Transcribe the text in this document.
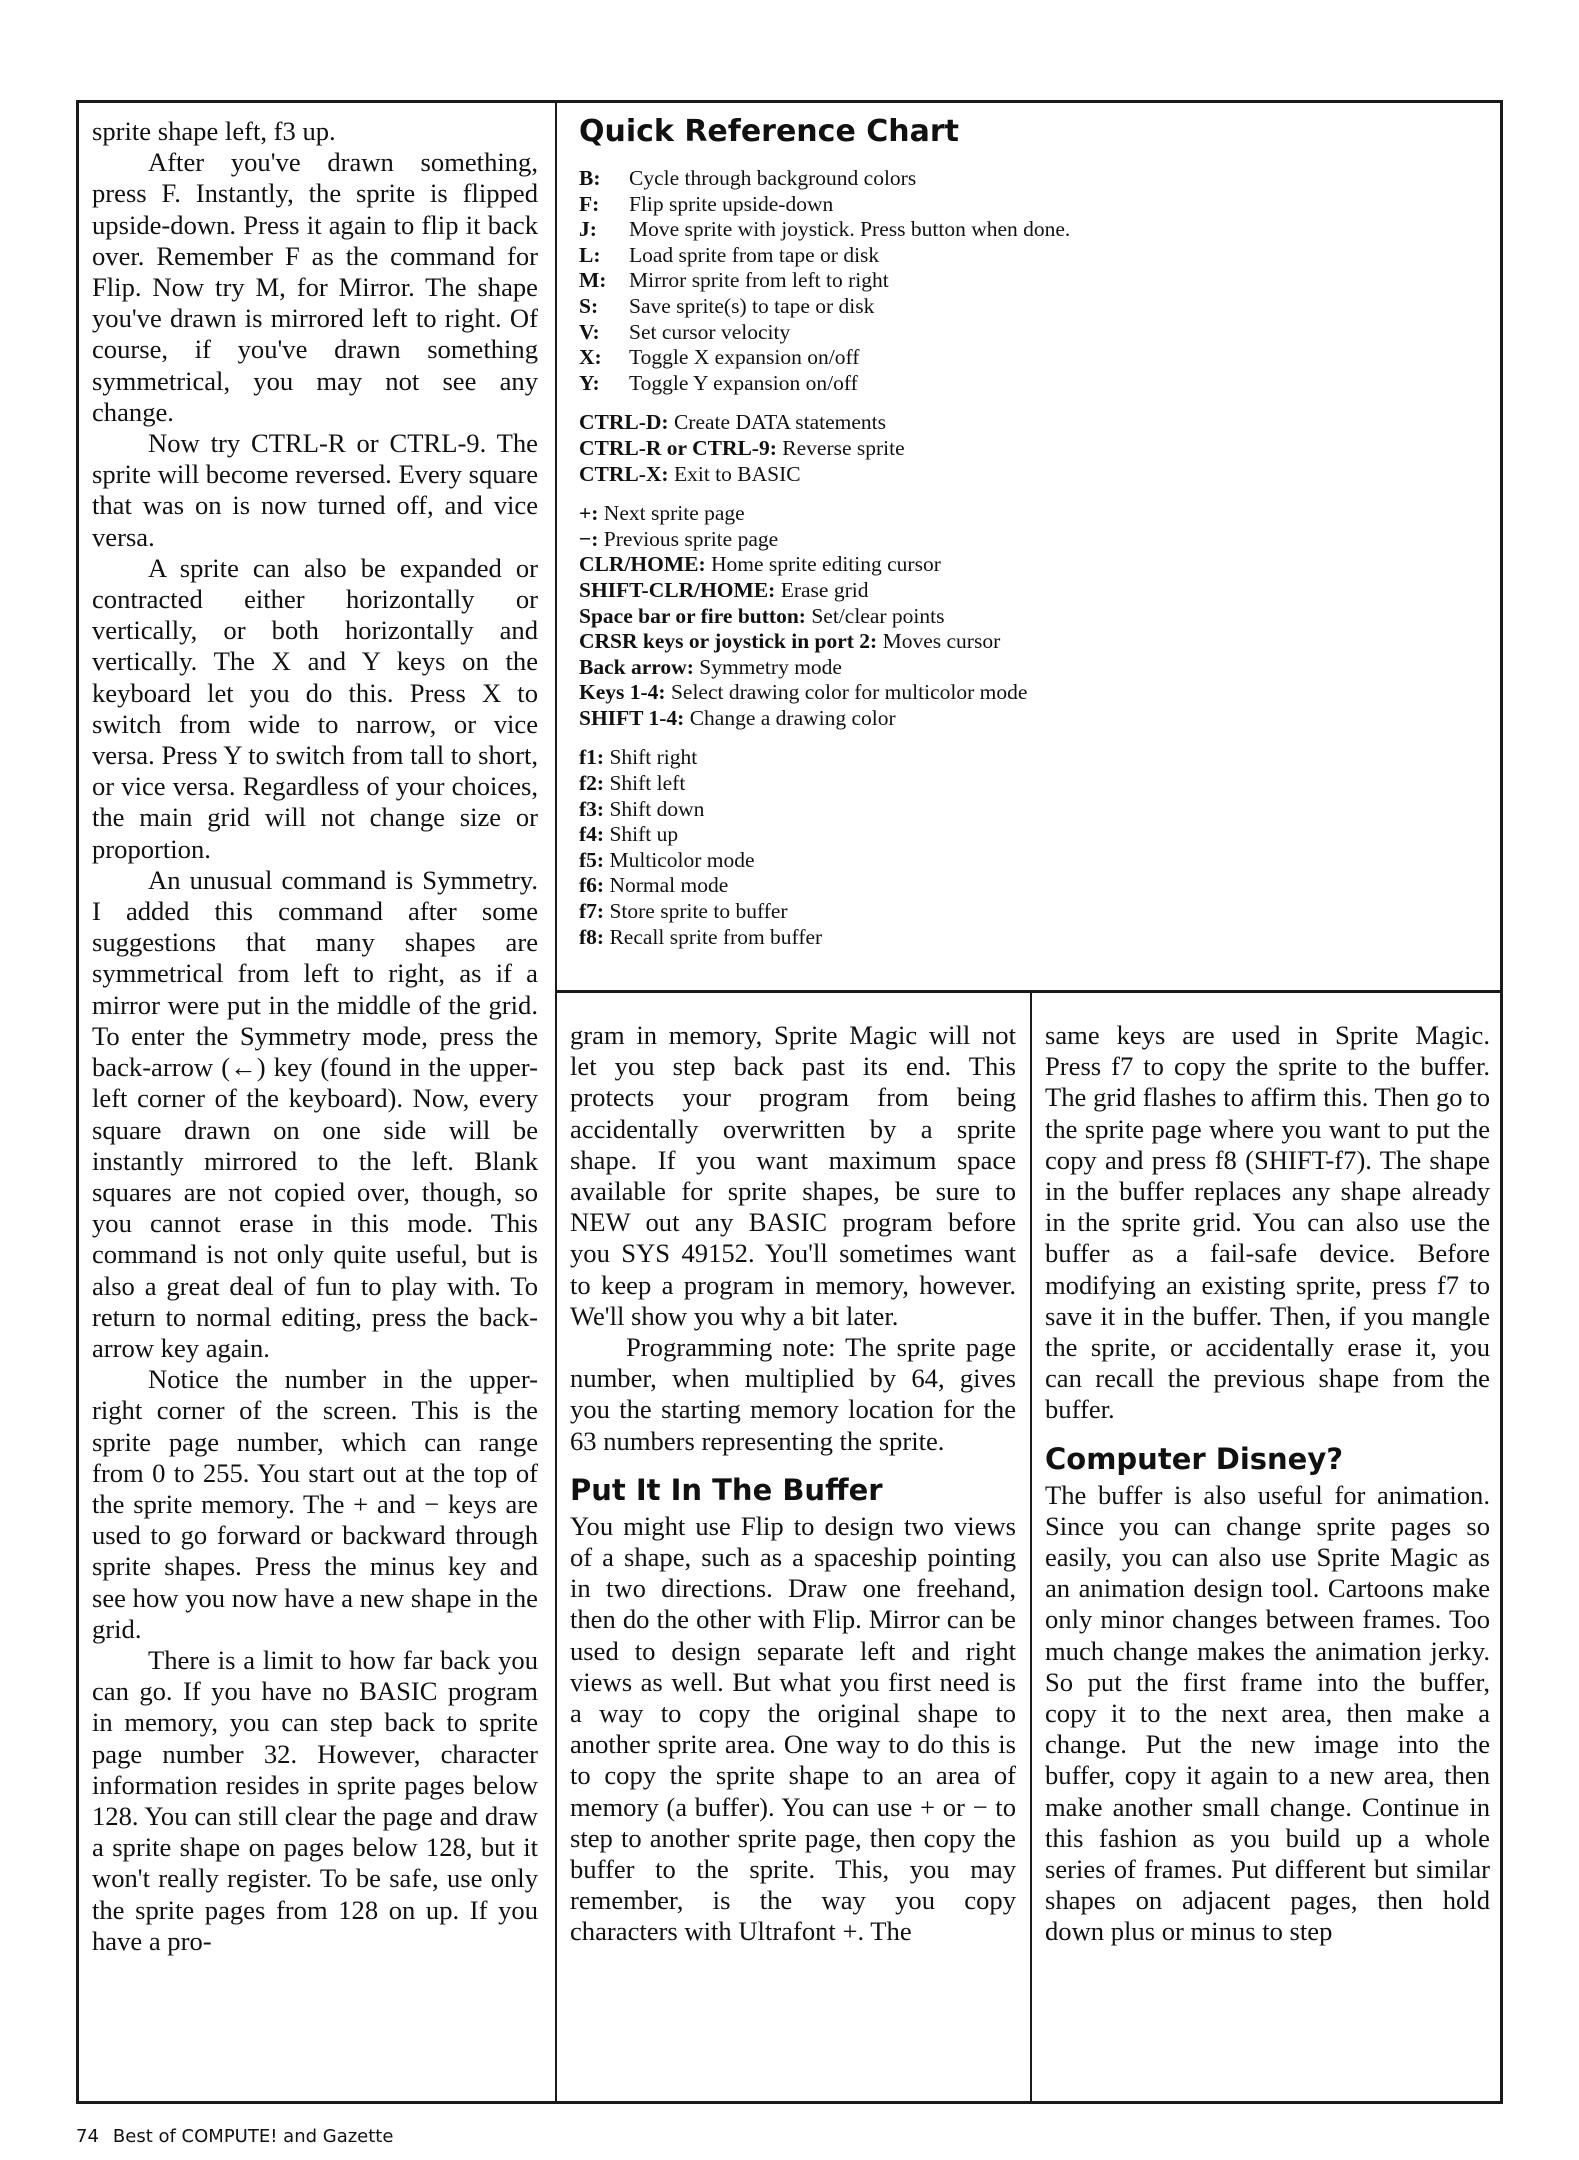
sprite shape left, f3 up.

After you've drawn something, press F. Instantly, the sprite is flipped upside-down. Press it again to flip it back over. Remember F as the command for Flip. Now try M, for Mirror. The shape you've drawn is mirrored left to right. Of course, if you've drawn something symmetrical, you may not see any change.

Now try CTRL-R or CTRL-9. The sprite will become reversed. Every square that was on is now turned off, and vice versa.

A sprite can also be expanded or contracted either horizontally or vertically, or both horizontally and vertically. The X and Y keys on the keyboard let you do this. Press X to switch from wide to narrow, or vice versa. Press Y to switch from tall to short, or vice versa. Regardless of your choices, the main grid will not change size or proportion.

An unusual command is Symmetry. I added this command after some suggestions that many shapes are symmetrical from left to right, as if a mirror were put in the middle of the grid. To enter the Symmetry mode, press the back-arrow (←) key (found in the upper-left corner of the keyboard). Now, every square drawn on one side will be instantly mirrored to the left. Blank squares are not copied over, though, so you cannot erase in this mode. This command is not only quite useful, but is also a great deal of fun to play with. To return to normal editing, press the back-arrow key again.

Notice the number in the upper-right corner of the screen. This is the sprite page number, which can range from 0 to 255. You start out at the top of the sprite memory. The + and − keys are used to go forward or backward through sprite shapes. Press the minus key and see how you now have a new shape in the grid.

There is a limit to how far back you can go. If you have no BASIC program in memory, you can step back to sprite page number 32. However, character information resides in sprite pages below 128. You can still clear the page and draw a sprite shape on pages below 128, but it won't really register. To be safe, use only the sprite pages from 128 on up. If you have a pro-

Quick Reference Chart
B: Cycle through background colors
F: Flip sprite upside-down
J: Move sprite with joystick. Press button when done.
L: Load sprite from tape or disk
M: Mirror sprite from left to right
S: Save sprite(s) to tape or disk
V: Set cursor velocity
X: Toggle X expansion on/off
Y: Toggle Y expansion on/off
CTRL-D: Create DATA statements
CTRL-R or CTRL-9: Reverse sprite
CTRL-X: Exit to BASIC
+: Next sprite page
−: Previous sprite page
CLR/HOME: Home sprite editing cursor
SHIFT-CLR/HOME: Erase grid
Space bar or fire button: Set/clear points
CRSR keys or joystick in port 2: Moves cursor
Back arrow: Symmetry mode
Keys 1-4: Select drawing color for multicolor mode
SHIFT 1-4: Change a drawing color
f1: Shift right
f2: Shift left
f3: Shift down
f4: Shift up
f5: Multicolor mode
f6: Normal mode
f7: Store sprite to buffer
f8: Recall sprite from buffer

gram in memory, Sprite Magic will not let you step back past its end. This protects your program from being accidentally overwritten by a sprite shape. If you want maximum space available for sprite shapes, be sure to NEW out any BASIC program before you SYS 49152. You'll sometimes want to keep a program in memory, however. We'll show you why a bit later.

Programming note: The sprite page number, when multiplied by 64, gives you the starting memory location for the 63 numbers representing the sprite.

Put It In The Buffer

You might use Flip to design two views of a shape, such as a spaceship pointing in two directions. Draw one freehand, then do the other with Flip. Mirror can be used to design separate left and right views as well. But what you first need is a way to copy the original shape to another sprite area. One way to do this is to copy the sprite shape to an area of memory (a buffer). You can use + or − to step to another sprite page, then copy the buffer to the sprite. This, you may remember, is the way you copy characters with Ultrafont +. The

same keys are used in Sprite Magic. Press f7 to copy the sprite to the buffer. The grid flashes to affirm this. Then go to the sprite page where you want to put the copy and press f8 (SHIFT-f7). The shape in the buffer replaces any shape already in the sprite grid. You can also use the buffer as a fail-safe device. Before modifying an existing sprite, press f7 to save it in the buffer. Then, if you mangle the sprite, or accidentally erase it, you can recall the previous shape from the buffer.

Computer Disney?

The buffer is also useful for animation. Since you can change sprite pages so easily, you can also use Sprite Magic as an animation design tool. Cartoons make only minor changes between frames. Too much change makes the animation jerky. So put the first frame into the buffer, copy it to the next area, then make a change. Put the new image into the buffer, copy it again to a new area, then make another small change. Continue in this fashion as you build up a whole series of frames. Put different but similar shapes on adjacent pages, then hold down plus or minus to step

74 Best of COMPUTE! and Gazette
